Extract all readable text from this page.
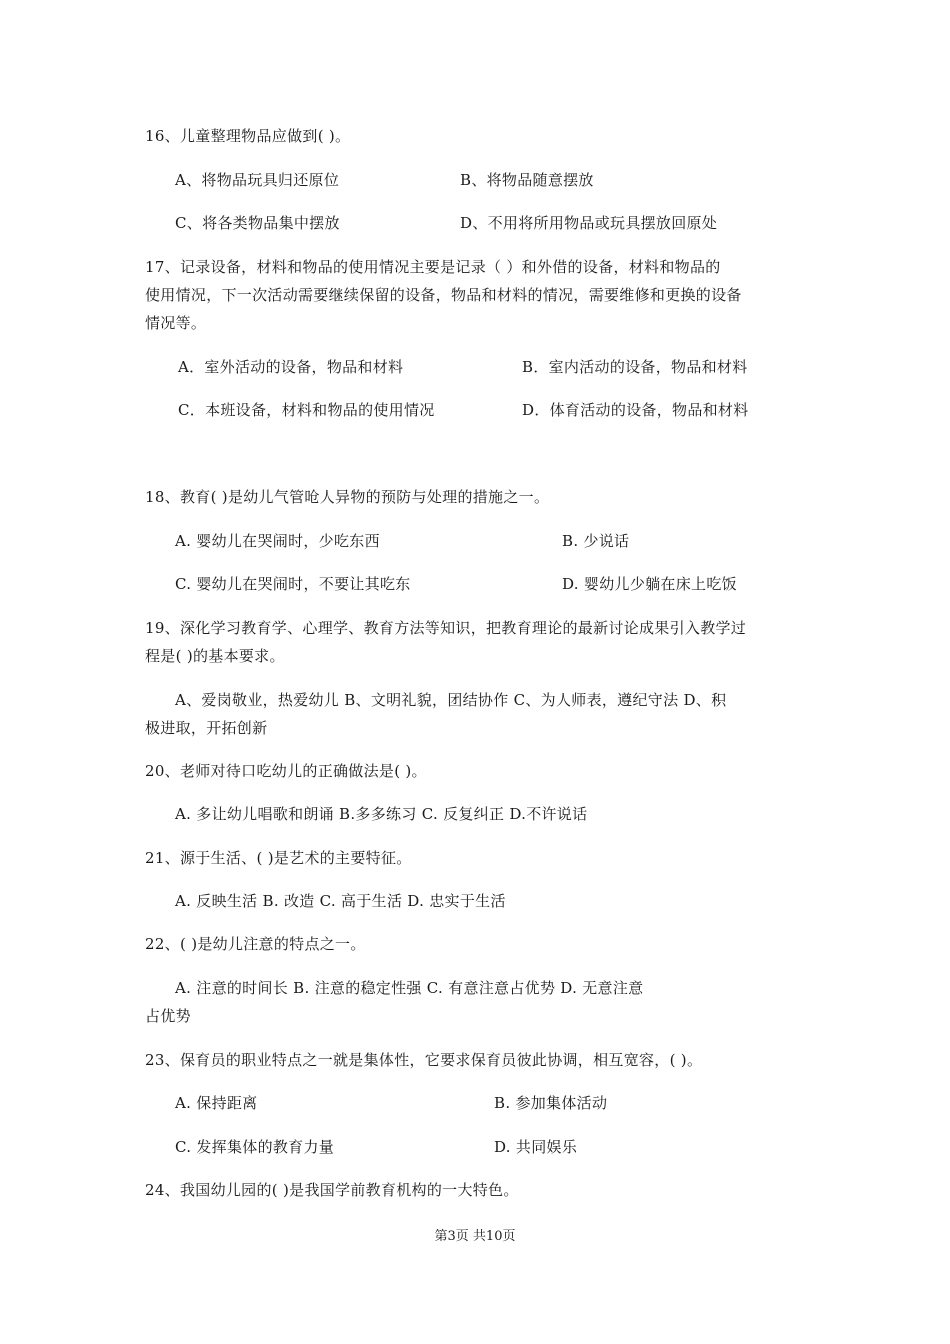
16、儿童整理物品应做到( )。
A、将物品玩具归还原位	B、将物品随意摆放
C、将各类物品集中摆放	D、不用将所用物品或玩具摆放回原处
17、记录设备，材料和物品的使用情况主要是记录（ ）和外借的设备，材料和物品的
使用情况，下一次活动需要继续保留的设备，物品和材料的情况，需要维修和更换的设备
情况等。
A．室外活动的设备，物品和材料	B．室内活动的设备，物品和材料
C．本班设备，材料和物品的使用情况	D．体育活动的设备，物品和材料
18、教育( )是幼儿气管呛人异物的预防与处理的措施之一。
A. 婴幼儿在哭闹时，少吃东西	B. 少说话
C. 婴幼儿在哭闹时，不要让其吃东	D. 婴幼儿少躺在床上吃饭
19、深化学习教育学、心理学、教育方法等知识，把教育理论的最新讨论成果引入教学过
程是( )的基本要求。
A、爱岗敬业，热爱幼儿 B、文明礼貌，团结协作 C、为人师表，遵纪守法 D、积
极进取，开拓创新
20、老师对待口吃幼儿的正确做法是( )。
A. 多让幼儿唱歌和朗诵 B.多多练习 C. 反复纠正 D.不许说话
21、源于生活、( )是艺术的主要特征。
A. 反映生活 B. 改造 C. 高于生活 D. 忠实于生活
22、( )是幼儿注意的特点之一。
A. 注意的时间长 B. 注意的稳定性强 C. 有意注意占优势 D. 无意注意
占优势
23、保育员的职业特点之一就是集体性，它要求保育员彼此协调，相互宽容，( )。
A. 保持距离	B. 参加集体活动
C. 发挥集体的教育力量	D. 共同娱乐
24、我国幼儿园的( )是我国学前教育机构的一大特色。
第3页 共10页
